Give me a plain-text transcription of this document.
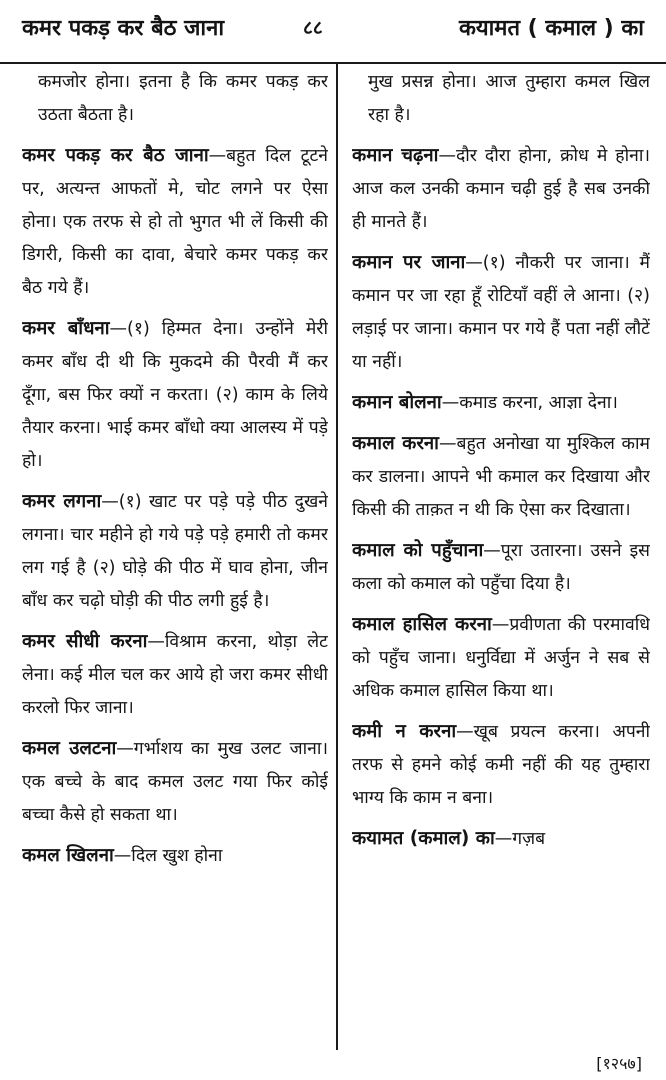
कमर पकड़ कर बैठ जाना	८८	कयामत ( कमाल ) का
कमजोर होना। इतना है कि कमर पकड़ कर उठता बैठता है।
कमर पकड़ कर बैठ जाना—बहुत दिल टूटने पर, अत्यन्त आफतों मे, चोट लगने पर ऐसा होना। एक तरफ से हो तो भुगत भी लें किसी की डिगरी, किसी का दावा, बेचारे कमर पकड़ कर बैठ गये हैं।
कमर बाँधना—(१) हिम्मत देना। उन्होंने मेरी कमर बाँध दी थी कि मुकदमे की पैरवी मैं कर दूँगा, बस फिर क्यों न करता। (२) काम के लिये तैयार करना। भाई कमर बाँधो क्या आलस्य में पड़े हो।
कमर लगना—(१) खाट पर पड़े पड़े पीठ दुखने लगना। चार महीने हो गये पड़े पड़े हमारी तो कमर लग गई है (२) घोड़े की पीठ में घाव होना, जीन बाँध कर चढ़ो घोड़ी की पीठ लगी हुई है।
कमर सीधी करना—विश्राम करना, थोड़ा लेट लेना। कई मील चल कर आये हो जरा कमर सीधी करलो फिर जाना।
कमल उलटना—गर्भाशय का मुख उलट जाना। एक बच्चे के बाद कमल उलट गया फिर कोई बच्चा कैसे हो सकता था।
कमल खिलना—दिल खुश होना
मुख प्रसन्न होना। आज तुम्हारा कमल खिल रहा है।
कमान चढ़ना—दौर दौरा होना, क्रोध मे होना। आज कल उनकी कमान चढ़ी हुई है सब उनकी ही मानते हैं।
कमान पर जाना—(१) नौकरी पर जाना। मैं कमान पर जा रहा हूँ रोटियाँ वहीं ले आना। (२) लड़ाई पर जाना। कमान पर गये हैं पता नहीं लौटें या नहीं।
कमान बोलना—कमाड करना, आज्ञा देना।
कमाल करना—बहुत अनोखा या मुश्किल काम कर डालना। आपने भी कमाल कर दिखाया और किसी की ताक़त न थी कि ऐसा कर दिखाता।
कमाल को पहुँचाना—पूरा उतारना। उसने इस कला को कमाल को पहुँचा दिया है।
कमाल हासिल करना—प्रवीणता की परमावधि को पहुँच जाना। धनुर्विद्या में अर्जुन ने सब से अधिक कमाल हासिल किया था।
कमी न करना—खूब प्रयत्न करना। अपनी तरफ से हमने कोई कमी नहीं की यह तुम्हारा भाग्य कि काम न बना।
कयामत (कमाल) का—गज़ब
[१२५७]
